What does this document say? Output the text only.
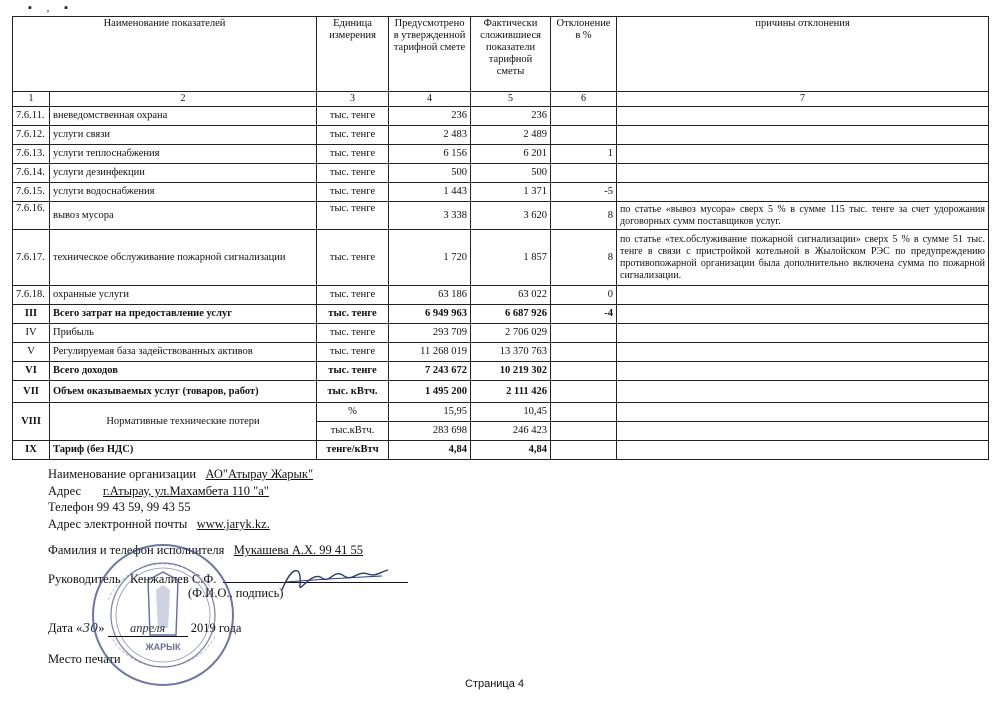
▪ , ▪
Наименование показателей		Единица измерения	Предусмотрено в утвержденной тарифной смете	Фактически сложившиеся показатели тарифной сметы	Отклонение в %	причины отклонения
1	2	3	4	5	6	7
7.6.11.	вневедомственная охрана	тыс. тенге	236	236		
7.6.12.	услуги связи	тыс. тенге	2 483	2 489		
7.6.13.	услуги теплоснабжения	тыс. тенге	6 156	6 201	1	
7.6.14.	услуги дезинфекции	тыс. тенге	500	500		
7.6.15.	услуги водоснабжения	тыс. тенге	1 443	1 371	-5	
7.6.16.	вывоз мусора	тыс. тенге	3 338	3 620	8	по статье «вывоз мусора» сверх 5 % в сумме 115 тыс. тенге за счет удорожания договорных сумм поставщиков услуг.
7.6.17.	техническое обслуживание пожарной сигнализации	тыс. тенге	1 720	1 857	8	по статье «тех.обслуживание пожарной сигнализации» сверх 5 % в сумме 51 тыс. тенге в связи с пристройкой котельной в Жылойском РЭС по предупреждению противопожарной организации была дополнительно включена сумма по пожарной сигнализации.
7.6.18.	охранные услуги	тыс. тенге	63 186	63 022	0	
III	Всего затрат на предоставление услуг	тыс. тенге	6 949 963	6 687 926	-4	
IV	Прибыль	тыс. тенге	293 709	2 706 029		
V	Регулируемая база задействованных активов	тыс. тенге	11 268 019	13 370 763		
VI	Всего доходов	тыс. тенге	7 243 672	10 219 302		
VII	Объем оказываемых услуг (товаров, работ)	тыс. кВтч.	1 495 200	2 111 426		
VIII	Нормативные технические потери	%	15,95	10,45		
		тыс.кВтч.	283 698	246 423		
IX	Тариф (без НДС)	тенге/кВтч	4,84	4,84		
Наименование организации АО"Атырау Жарык"
Адрес г.Атырау, ул.Махамбета 110 "а"
Телефон 99 43 59, 99 43 55
Адрес электронной почты www.jaryk.kz.
Фамилия и телефон исполнителя Мукашева А.Х. 99 41 55
Руководитель Кенжалиев С.Ф.
(Ф.И.О., подпись)
Дата «30» апреля 2019 года
Место печати
ЖАРЫК
Страница 4
